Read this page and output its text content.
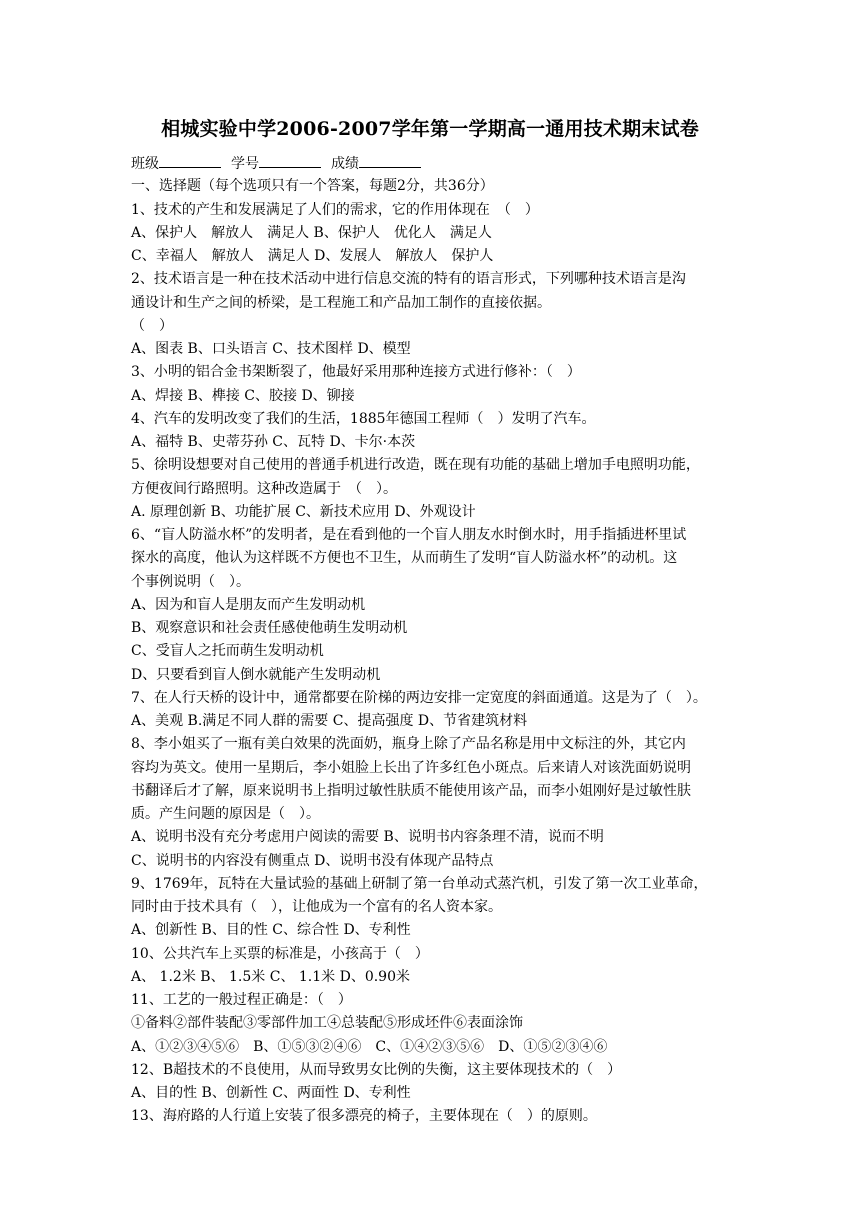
相城实验中学2006-2007学年第一学期高一通用技术期末试卷
班级	学号	成绩
一、选择题（每个选项只有一个答案，每题2分，共36分）
1、技术的产生和发展满足了人们的需求，它的作用体现在　（　）
A、保护人　解放人　满足人 B、保护人　优化人　满足人
C、幸福人　解放人　满足人 D、发展人　解放人　保护人
2、技术语言是一种在技术活动中进行信息交流的特有的语言形式，下列哪种技术语言是沟
通设计和生产之间的桥梁，是工程施工和产品加工制作的直接依据。
（　）
A、图表 B、口头语言 C、技术图样 D、模型
3、小明的铝合金书架断裂了，他最好采用那种连接方式进行修补：（　）
A、焊接 B、榫接 C、胶接 D、铆接
4、汽车的发明改变了我们的生活，1885年德国工程师（　）发明了汽车。
A、福特 B、史蒂芬孙 C、瓦特 D、卡尔·本茨
5、徐明设想要对自己使用的普通手机进行改造，既在现有功能的基础上增加手电照明功能，
方便夜间行路照明。这种改造属于　（　）。
A. 原理创新 B、功能扩展 C、新技术应用 D、外观设计
6、“盲人防溢水杯”的发明者，是在看到他的一个盲人朋友水时倒水时，用手指插进杯里试
探水的高度，他认为这样既不方便也不卫生，从而萌生了发明“盲人防溢水杯”的动机。这
个事例说明（　）。
A、因为和盲人是朋友而产生发明动机
B、观察意识和社会责任感使他萌生发明动机
C、受盲人之托而萌生发明动机
D、只要看到盲人倒水就能产生发明动机
7、在人行天桥的设计中，通常都要在阶梯的两边安排一定宽度的斜面通道。这是为了（　）。
A、美观 B.满足不同人群的需要 C、提高强度 D、节省建筑材料
8、李小姐买了一瓶有美白效果的洗面奶，瓶身上除了产品名称是用中文标注的外，其它内
容均为英文。使用一星期后，李小姐脸上长出了许多红色小斑点。后来请人对该洗面奶说明
书翻译后才了解，原来说明书上指明过敏性肤质不能使用该产品，而李小姐刚好是过敏性肤
质。产生问题的原因是（　）。
A、说明书没有充分考虑用户阅读的需要 B、说明书内容条理不清，说而不明
C、说明书的内容没有侧重点 D、说明书没有体现产品特点
9、1769年，瓦特在大量试验的基础上研制了第一台单动式蒸汽机，引发了第一次工业革命，
同时由于技术具有（　），让他成为一个富有的名人资本家。
A、创新性 B、目的性 C、综合性 D、专利性
10、公共汽车上买票的标准是，小孩高于（　）
A、 1.2米 B、 1.5米 C、 1.1米 D、0.90米
11、工艺的一般过程正确是：（　）
①备料②部件装配③零部件加工④总装配⑤形成坯件⑥表面涂饰
A、①②③④⑤⑥　B、①⑤③②④⑥　C、①④②③⑤⑥　D、①⑤②③④⑥
12、B超技术的不良使用，从而导致男女比例的失衡，这主要体现技术的（　）
A、目的性 B、创新性 C、两面性 D、专利性
13、海府路的人行道上安装了很多漂亮的椅子，主要体现在（　）的原则。
